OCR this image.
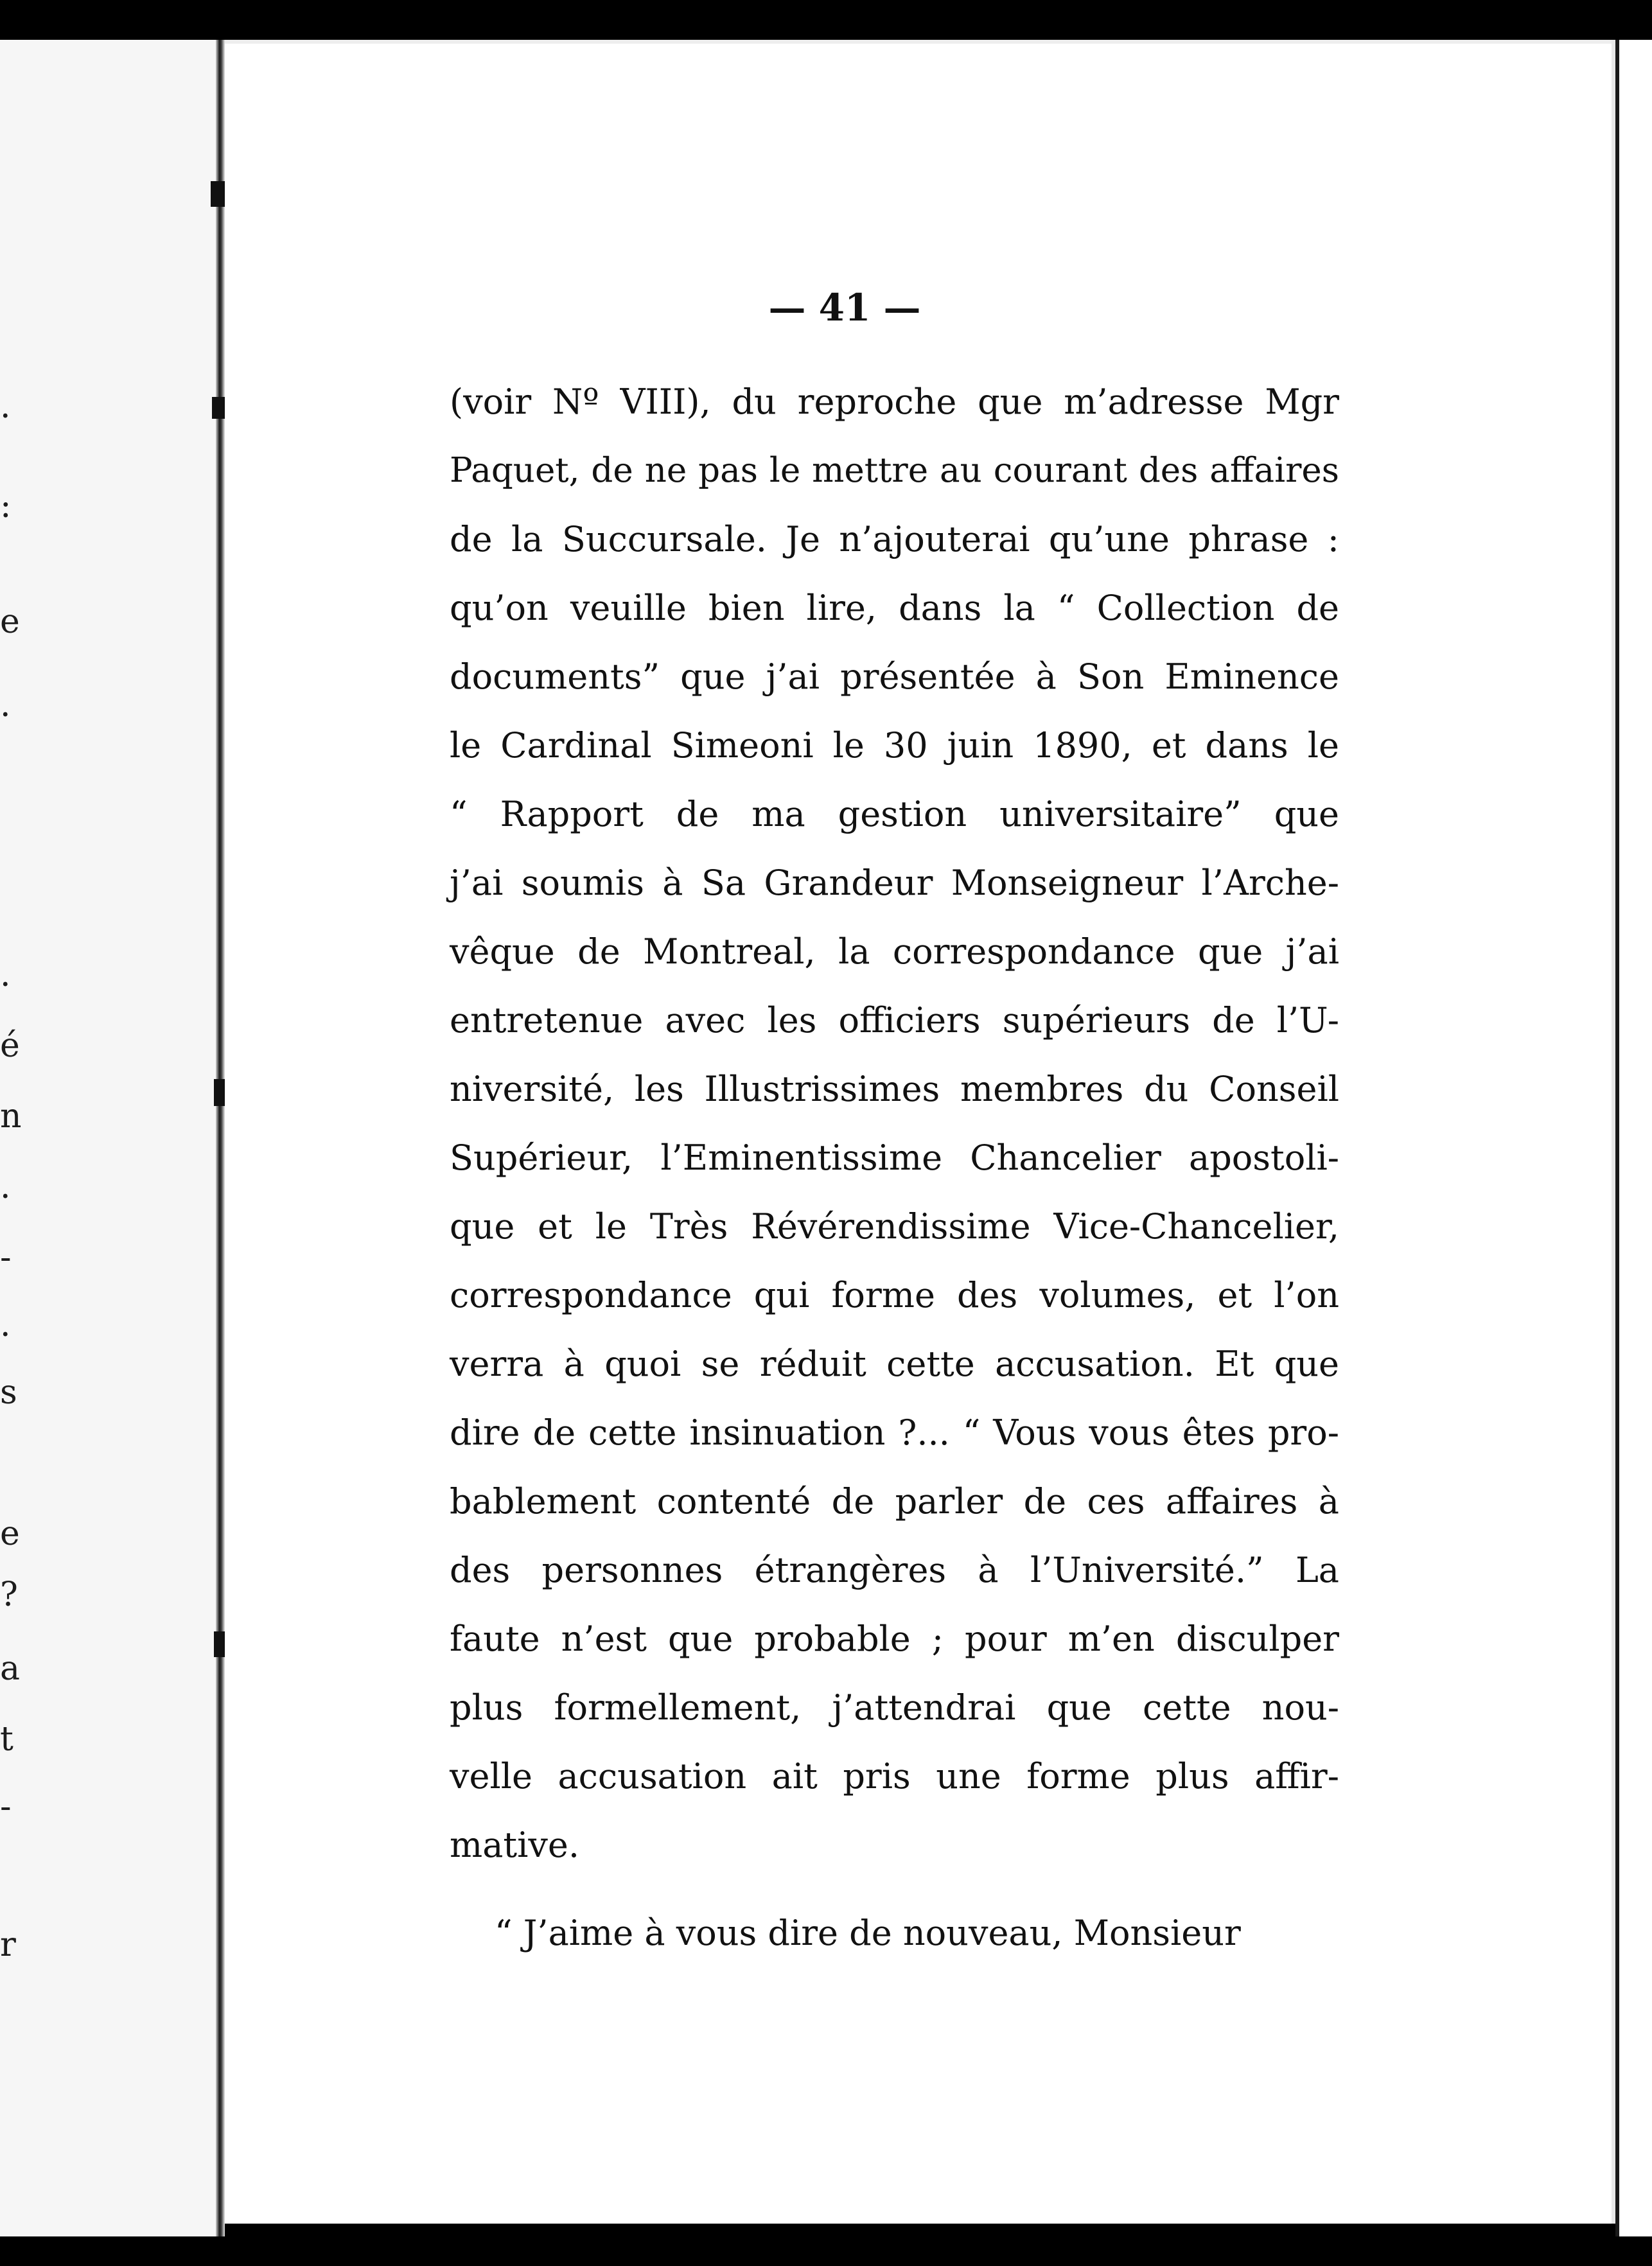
.
:
e
.
.
é
n
.
-
.
s
e
?
a
t
-
r
— 41 —
(voir Nº VIII), du reproche que m’adresse Mgr
Paquet, de ne pas le mettre au courant des affaires
de la Succursale. Je n’ajouterai qu’une phrase :
qu’on veuille bien lire, dans la “ Collection de
documents” que j’ai présentée à Son Eminence
le Cardinal Simeoni le 30 juin 1890, et dans le
“ Rapport de ma gestion universitaire” que
j’ai soumis à Sa Grandeur Monseigneur l’Arche-
vêque de Montreal, la correspondance que j’ai
entretenue avec les officiers supérieurs de l’U-
niversité, les Illustrissimes membres du Conseil
Supérieur, l’Eminentissime Chancelier apostoli-
que et le Très Révérendissime Vice-Chancelier,
correspondance qui forme des volumes, et l’on
verra à quoi se réduit cette accusation. Et que
dire de cette insinuation ?... “ Vous vous êtes pro-
bablement contenté de parler de ces affaires à
des personnes étrangères à l’Université.” La
faute n’est que probable ; pour m’en disculper
plus formellement, j’attendrai que cette nou-
velle accusation ait pris une forme plus affir-
mative.
“ J’aime à vous dire de nouveau, Monsieur
